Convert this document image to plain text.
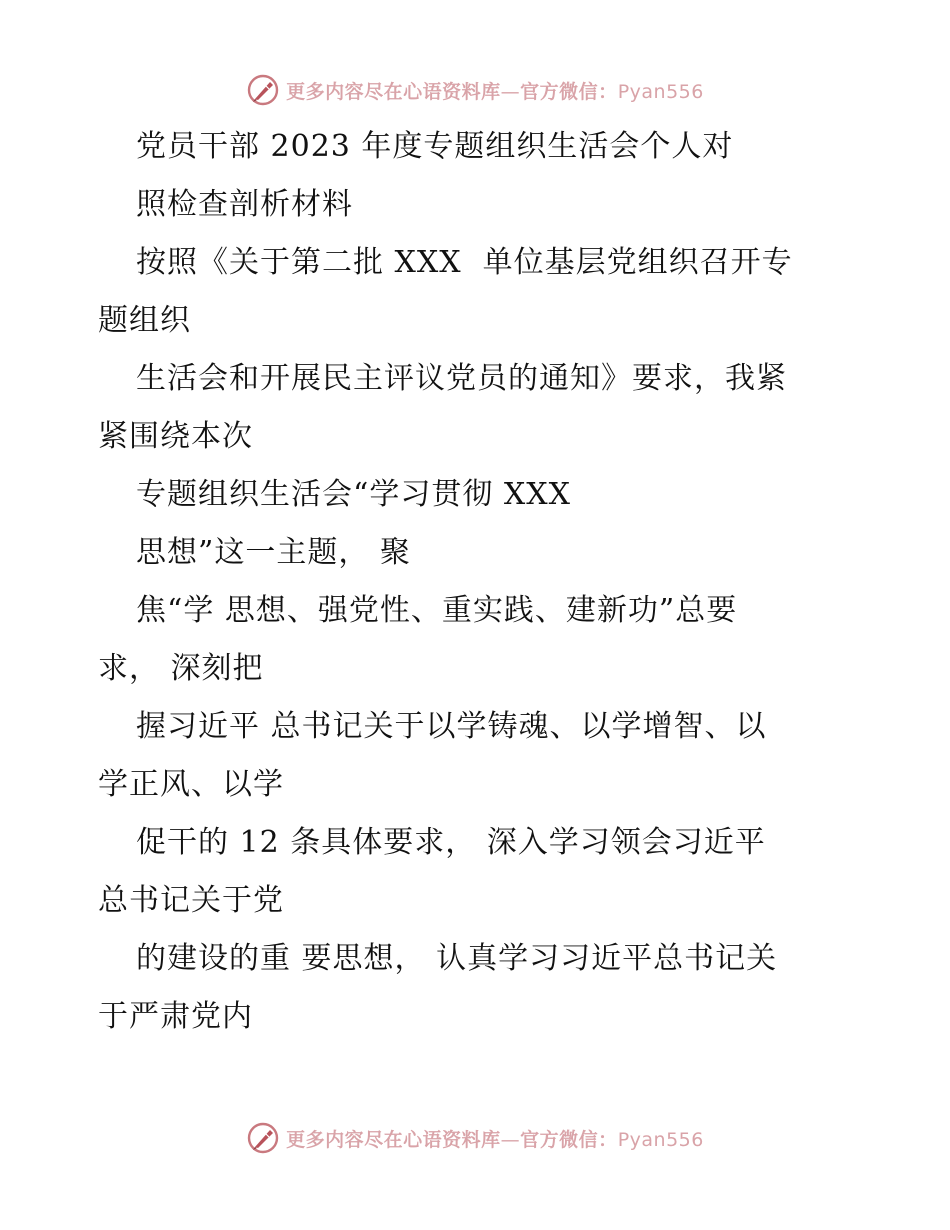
更多内容尽在心语资料库—官方微信：Pyan556
党员干部 2023 年度专题组织生活会个人对
照检查剖析材料
按照《关于第二批 XXX  单位基层党组织召开专
题组织
生活会和开展民主评议党员的通知》要求，我紧
紧围绕本次
专题组织生活会“学习贯彻 XXX
思想”这一主题， 聚
焦“学 思想、强党性、重实践、建新功”总要
求， 深刻把
握习近平 总书记关于以学铸魂、以学增智、以
学正风、以学
促干的 12 条具体要求， 深入学习领会习近平
总书记关于党
的建设的重 要思想， 认真学习习近平总书记关
于严肃党内
更多内容尽在心语资料库—官方微信：Pyan556
